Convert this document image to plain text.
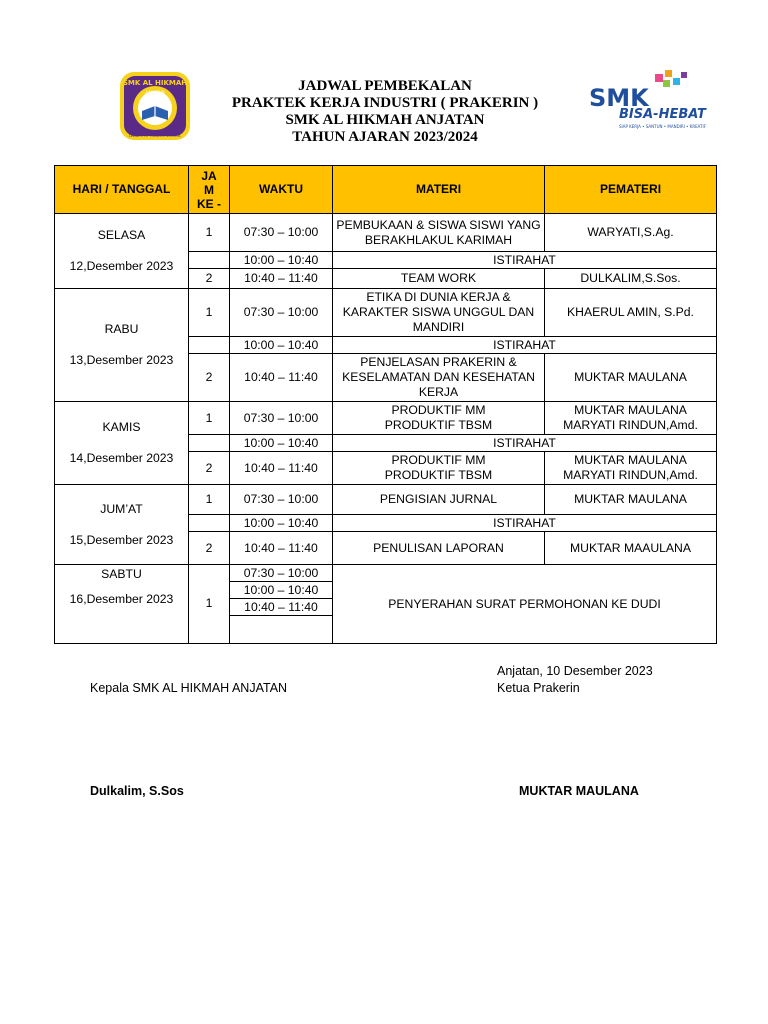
SMK AL HIKMAH
ANJATAN
LEADER OF ISLAMIC SCHOOL
JADWAL PEMBEKALAN
PRAKTEK KERJA INDUSTRI ( PRAKERIN )
SMK AL HIKMAH ANJATAN
TAHUN AJARAN 2023/2024
SMK
BISA-HEBAT
SIAP KERJA • SANTUN • MANDIRI • KREATIF
HARI / TANGGAL	JA
M
KE -	WAKTU	MATERI	PEMATERI

SELASA
12,Desember 2023	1	07:30 – 10:00	PEMBUKAAN & SISWA SISWI YANG BERAKHLAKUL KARIMAH	WARYATI,S.Ag.
		10:00 – 10:40	ISTIRAHAT	
	2	10:40 – 11:40	TEAM WORK	DULKALIM,S.Sos.

RABU
13,Desember 2023	1	07:30 – 10:00	ETIKA DI DUNIA KERJA & KARAKTER SISWA UNGGUL DAN MANDIRI	KHAERUL AMIN, S.Pd.
		10:00 – 10:40	ISTIRAHAT	
	2	10:40 – 11:40	PENJELASAN PRAKERIN & KESELAMATAN DAN KESEHATAN KERJA	MUKTAR MAULANA

KAMIS
14,Desember 2023	1	07:30 – 10:00	PRODUKTIF MM PRODUKTIF TBSM	MUKTAR MAULANA MARYATI RINDUN,Amd.
		10:00 – 10:40	ISTIRAHAT	
	2	10:40 – 11:40	PRODUKTIF MM PRODUKTIF TBSM	MUKTAR MAULANA MARYATI RINDUN,Amd.

JUM’AT
15,Desember 2023	1	07:30 – 10:00	PENGISIAN JURNAL	MUKTAR MAULANA
		10:00 – 10:40	ISTIRAHAT	
	2	10:40 – 11:40	PENULISAN LAPORAN	MUKTAR MAAULANA

SABTU
16,Desember 2023	1	07:30 – 10:00	PENYERAHAN SURAT PERMOHONAN KE DUDI	
		10:00 – 10:40		
		10:40 – 11:40		

Anjatan, 10 Desember 2023
Kepala SMK AL HIKMAH ANJATAN	Ketua Prakerin
Dulkalim, S.Sos	MUKTAR MAULANA
